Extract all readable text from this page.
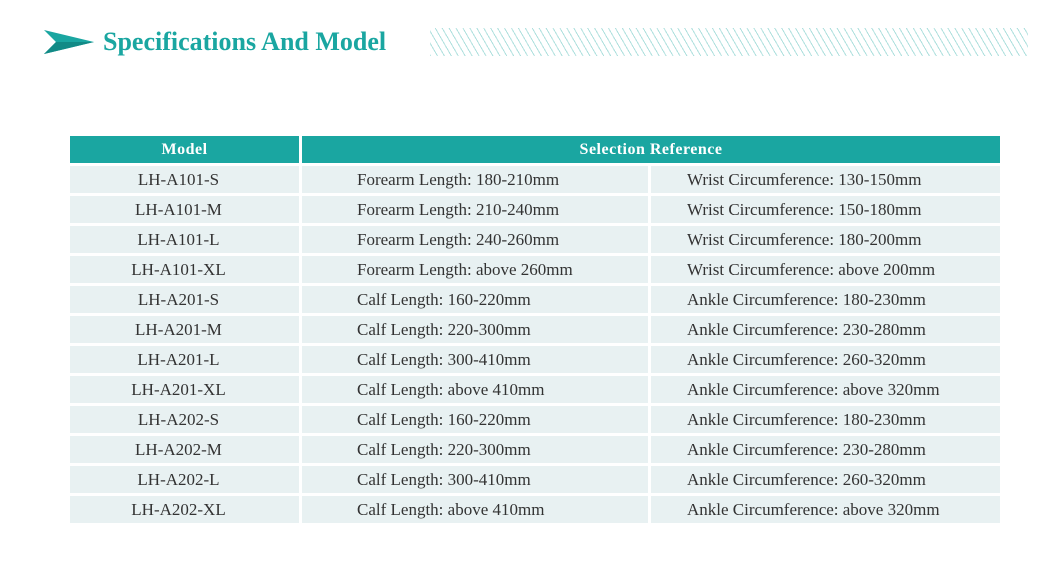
Specifications And Model
Model	Selection Reference	
LH-A101-S	Forearm Length: 180-210mm	Wrist Circumference: 130-150mm
LH-A101-M	Forearm Length: 210-240mm	Wrist Circumference: 150-180mm
LH-A101-L	Forearm Length: 240-260mm	Wrist Circumference: 180-200mm
LH-A101-XL	Forearm Length: above 260mm	Wrist Circumference: above 200mm
LH-A201-S	Calf Length: 160-220mm	Ankle Circumference: 180-230mm
LH-A201-M	Calf Length: 220-300mm	Ankle Circumference: 230-280mm
LH-A201-L	Calf Length: 300-410mm	Ankle Circumference: 260-320mm
LH-A201-XL	Calf Length: above 410mm	Ankle Circumference: above 320mm
LH-A202-S	Calf Length: 160-220mm	Ankle Circumference: 180-230mm
LH-A202-M	Calf Length: 220-300mm	Ankle Circumference: 230-280mm
LH-A202-L	Calf Length: 300-410mm	Ankle Circumference: 260-320mm
LH-A202-XL	Calf Length: above 410mm	Ankle Circumference: above 320mm
